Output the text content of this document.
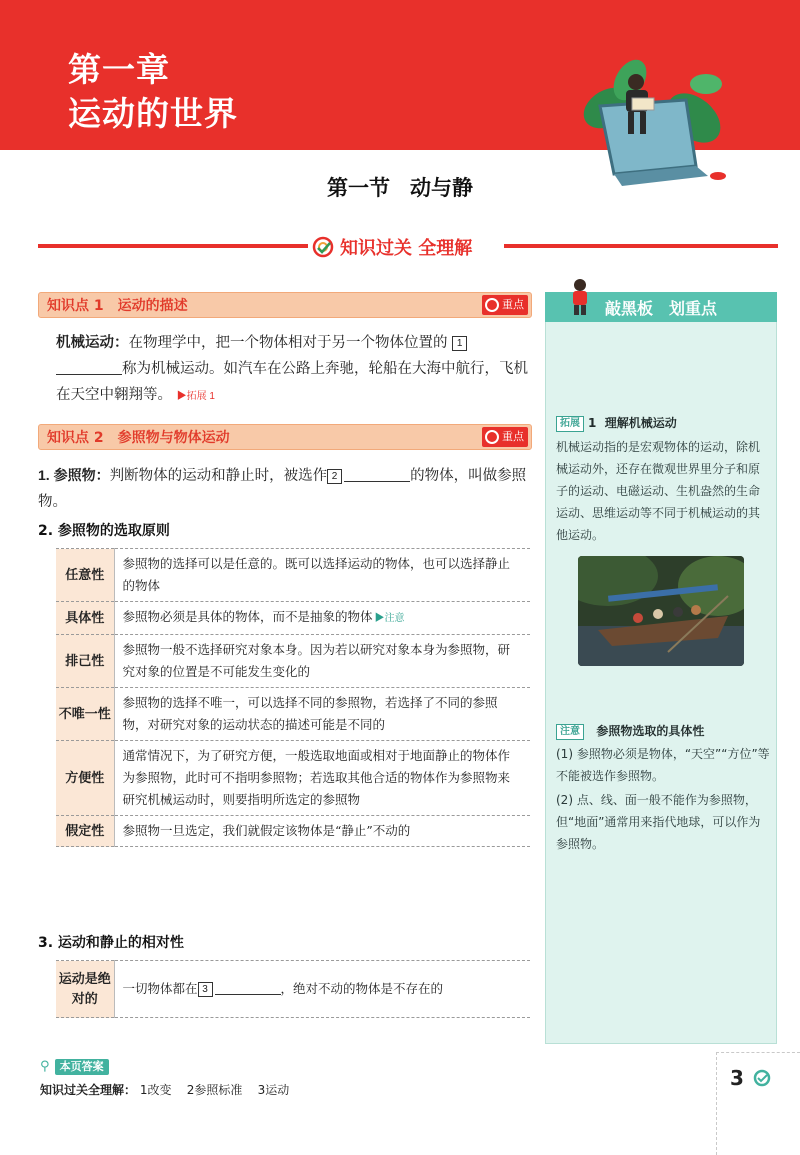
第一章
运动的世界
第一节 动与静
知识过关 全理解
知识点 1　运动的描述	重点

机械运动：在物理学中，把一个物体相对于另一个物体位置的 1称为机械运动。如汽车在公路上奔驰，轮船在大海中航行，飞机在天空中翱翔等。 ▶拓展 1

知识点 2　参照物与物体运动	重点

1. 参照物：判断物体的运动和静止时，被选作 2	的物体，叫做参照物。

2. 参照物的选取原则
任意性	参照物的选择可以是任意的。既可以选择运动的物体，也可以选择静止的物体
具体性	参照物必须是具体的物体，而不是抽象的物体 ▶注意
排己性	参照物一般不选择研究对象本身。因为若以研究对象本身为参照物，研究对象的位置是不可能发生变化的
不唯一性	参照物的选择不唯一，可以选择不同的参照物，若选择了不同的参照物，对研究对象的运动状态的描述可能是不同的
方便性	通常情况下，为了研究方便，一般选取地面或相对于地面静止的物体作为参照物，此时可不指明参照物；若选取其他合适的物体作为参照物来研究机械运动时，则要指明所选定的参照物
假定性	参照物一旦选定，我们就假定该物体是“静止”不动的
3. 运动和静止的相对性
运动是绝对的	一切物体都在 3	，绝对不动的物体是不存在的
敲黑板　划重点
拓展 1 理解机械运动

机械运动指的是宏观物体的运动，除机械运动外，还存在微观世界里分子和原子的运动、电磁运动、生机盎然的生命运动、思维运动等不同于机械运动的其他运动。

注意 参照物选取的具体性

(1) 参照物必须是物体，“天空”“方位”等不能被选作参照物。

(2) 点、线、面一般不能作为参照物，但“地面”通常用来指代地球，可以作为参照物。

⚲ 本页答案
知识过关全理解： 1改变 2参照标准 3运动	3
